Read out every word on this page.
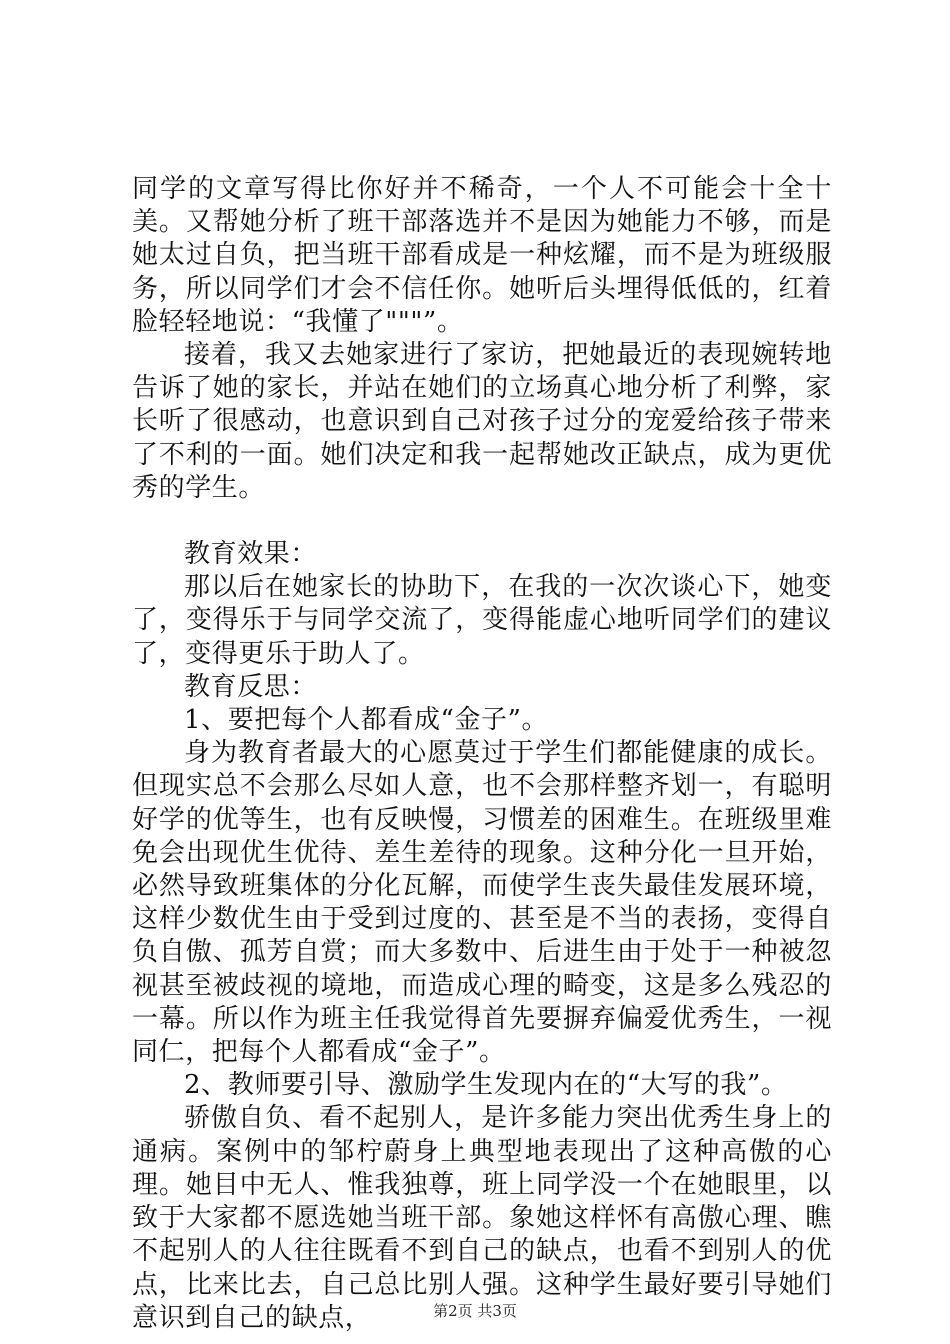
同学的文章写得比你好并不稀奇，一个人不可能会十全十美。又帮她分析了班干部落选并不是因为她能力不够，而是她太过自负，把当班干部看成是一种炫耀，而不是为班级服务，所以同学们才会不信任你。她听后头埋得低低的，红着脸轻轻地说：“我懂了"""”。

接着，我又去她家进行了家访，把她最近的表现婉转地告诉了她的家长，并站在她们的立场真心地分析了利弊，家长听了很感动，也意识到自己对孩子过分的宠爱给孩子带来了不利的一面。她们决定和我一起帮她改正缺点，成为更优秀的学生。

教育效果：

那以后在她家长的协助下，在我的一次次谈心下，她变了，变得乐于与同学交流了，变得能虚心地听同学们的建议了，变得更乐于助人了。

教育反思：

1、要把每个人都看成“金子”。

身为教育者最大的心愿莫过于学生们都能健康的成长。但现实总不会那么尽如人意，也不会那样整齐划一，有聪明好学的优等生，也有反映慢，习惯差的困难生。在班级里难免会出现优生优待、差生差待的现象。这种分化一旦开始，必然导致班集体的分化瓦解，而使学生丧失最佳发展环境，这样少数优生由于受到过度的、甚至是不当的表扬，变得自负自傲、孤芳自赏；而大多数中、后进生由于处于一种被忽视甚至被歧视的境地，而造成心理的畸变，这是多么残忍的一幕。所以作为班主任我觉得首先要摒弃偏爱优秀生，一视同仁，把每个人都看成“金子”。

2、教师要引导、激励学生发现内在的“大写的我”。

骄傲自负、看不起别人，是许多能力突出优秀生身上的通病。案例中的邹柠蔚身上典型地表现出了这种高傲的心理。她目中无人、惟我独尊，班上同学没一个在她眼里，以致于大家都不愿选她当班干部。象她这样怀有高傲心理、瞧不起别人的人往往既看不到自己的缺点，也看不到别人的优点，比来比去，自己总比别人强。这种学生最好要引导她们意识到自己的缺点，	第2页 共3页
